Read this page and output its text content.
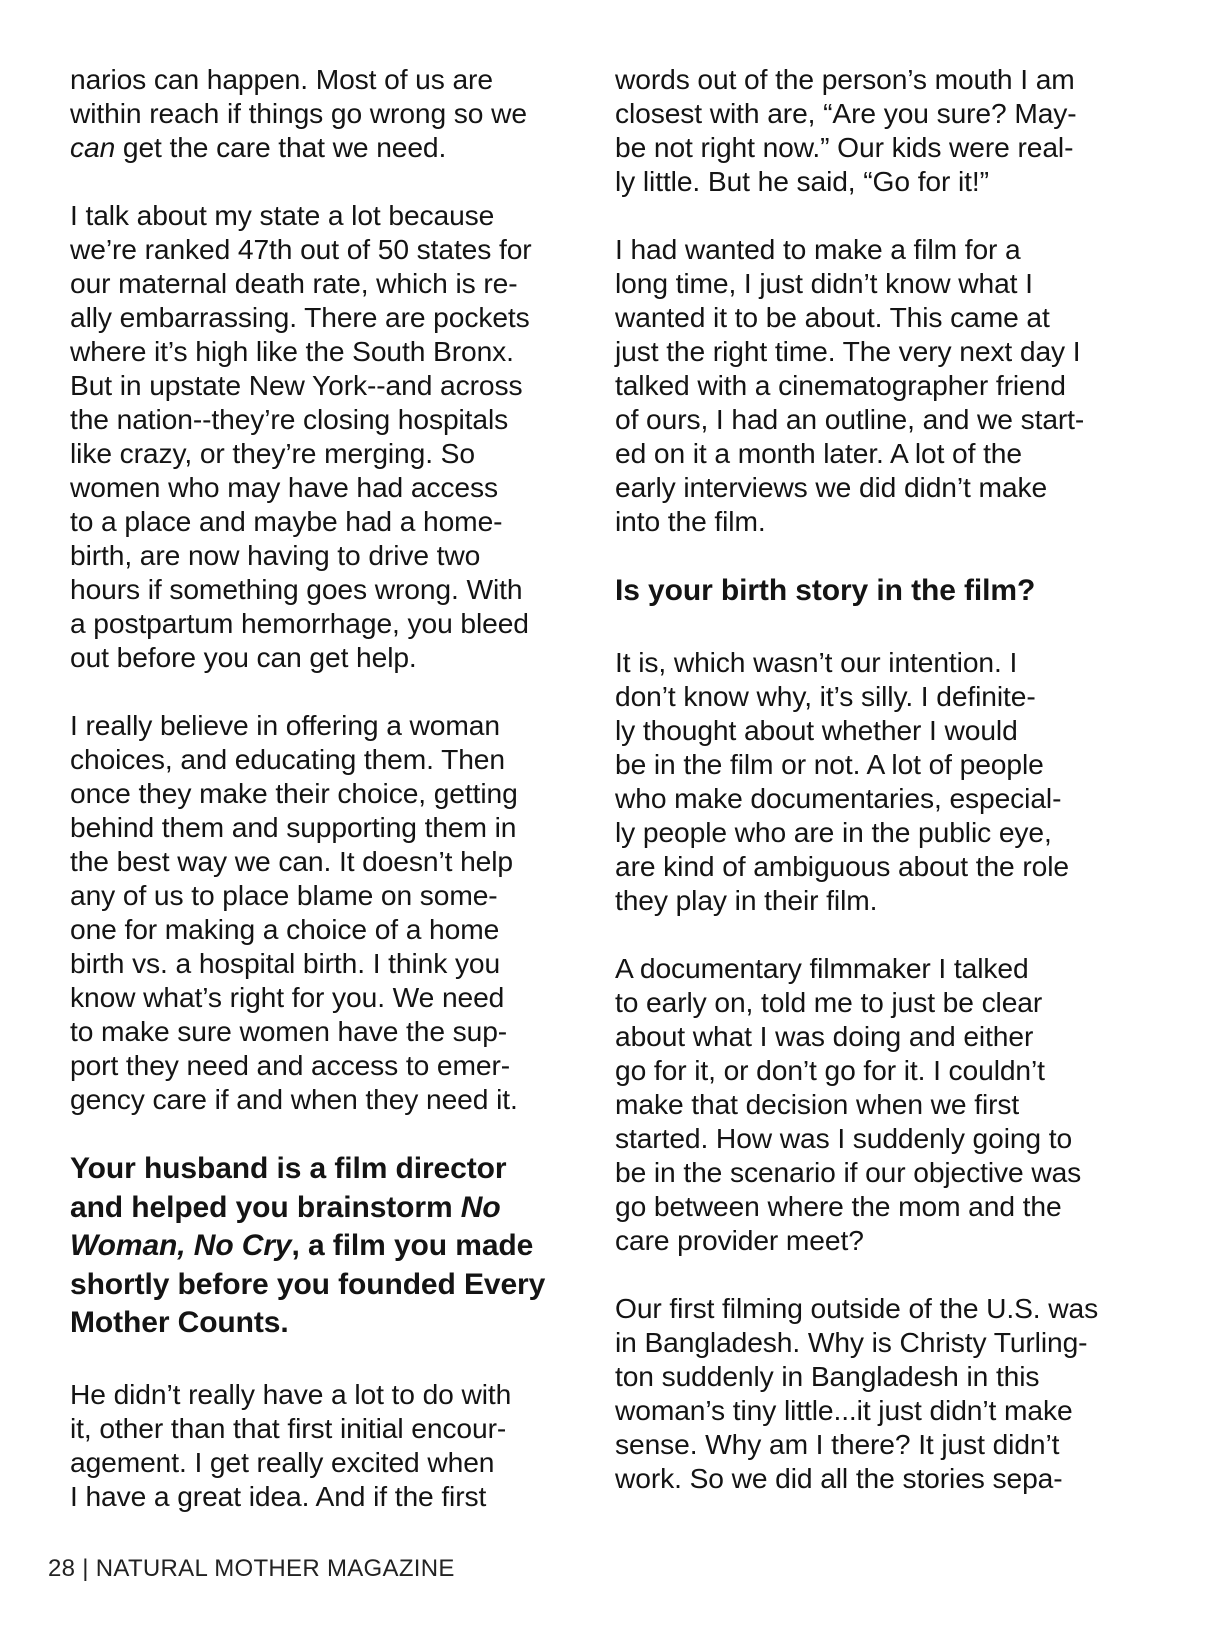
narios can happen. Most of us are
within reach if things go wrong so we
can get the care that we need.

I talk about my state a lot because
we’re ranked 47th out of 50 states for
our maternal death rate, which is re-
ally embarrassing. There are pockets
where it’s high like the South Bronx.
But in upstate New York--and across
the nation--they’re closing hospitals
like crazy, or they’re merging. So
women who may have had access
to a place and maybe had a home-
birth, are now having to drive two
hours if something goes wrong. With
a postpartum hemorrhage, you bleed
out before you can get help.

I really believe in offering a woman
choices, and educating them. Then
once they make their choice, getting
behind them and supporting them in
the best way we can. It doesn’t help
any of us to place blame on some-
one for making a choice of a home
birth vs. a hospital birth. I think you
know what’s right for you. We need
to make sure women have the sup-
port they need and access to emer-
gency care if and when they need it.

Your husband is a film director
and helped you brainstorm No
Woman, No Cry, a film you made
shortly before you founded Every
Mother Counts.

He didn’t really have a lot to do with
it, other than that first initial encour-
agement. I get really excited when
I have a great idea. And if the first

words out of the person’s mouth I am
closest with are, “Are you sure? May-
be not right now.” Our kids were real-
ly little. But he said, “Go for it!”

I had wanted to make a film for a
long time, I just didn’t know what I
wanted it to be about. This came at
just the right time. The very next day I
talked with a cinematographer friend
of ours, I had an outline, and we start-
ed on it a month later. A lot of the
early interviews we did didn’t make
into the film.

Is your birth story in the film?

It is, which wasn’t our intention. I
don’t know why, it’s silly. I definite-
ly thought about whether I would
be in the film or not. A lot of people
who make documentaries, especial-
ly people who are in the public eye,
are kind of ambiguous about the role
they play in their film.

A documentary filmmaker I talked
to early on, told me to just be clear
about what I was doing and either
go for it, or don’t go for it. I couldn’t
make that decision when we first
started. How was I suddenly going to
be in the scenario if our objective was
go between where the mom and the
care provider meet?

Our first filming outside of the U.S. was
in Bangladesh. Why is Christy Turling-
ton suddenly in Bangladesh in this
woman’s tiny little...it just didn’t make
sense. Why am I there? It just didn’t
work. So we did all the stories sepa-

28 | NATURAL MOTHER MAGAZINE
